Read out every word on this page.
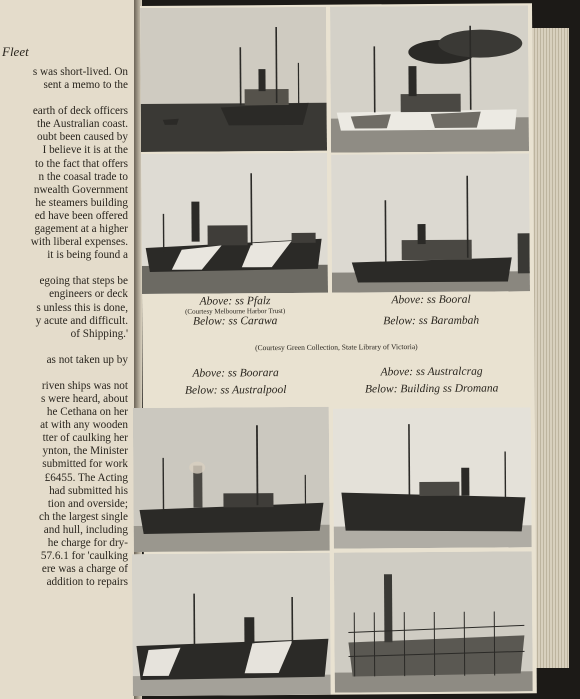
Fleet
s was short-lived. On
sent a memo to the
earth of deck officers
the Australian coast.
oubt been caused by
I believe it is at the
to the fact that offers
n the coasal trade to
nwealth Government
he steamers building
ed have been offered
gagement at a higher
with liberal expenses.
it is being found a
egoing that steps be
engineers or deck
s unless this is done,
y acute and difficult.
of Shipping.'
as not taken up by
riven ships was not
s were heard, about
he Cethana on her
at with any wooden
tter of caulking her
ynton, the Minister
submitted for work
£6455. The Acting
had submitted his
tion and overside;
ch the largest single
and hull, including
he charge for dry-
57.6.1 for 'caulking
ere was a charge of
addition to repairs
Above: ss Pfalz
(Courtesy Melbourne Harbor Trust)
Below: ss Carawa
Above: ss Booral
Below: ss Barambah
(Courtesy Green Collection, State Library of Victoria)
Above: ss Boorara
Below: ss Australpool
Above: ss Australcrag
Below: Building ss Dromana
